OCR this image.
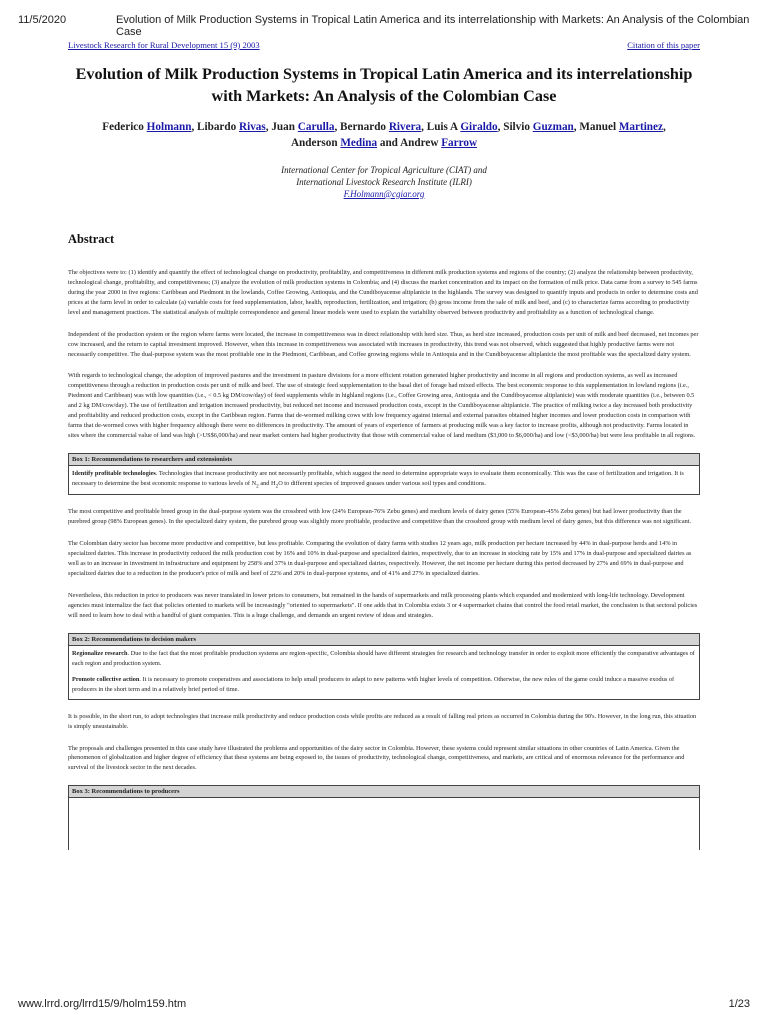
11/5/2020	Evolution of Milk Production Systems in Tropical Latin America and its interrelationship with Markets: An Analysis of the Colombian Case
Livestock Research for Rural Development 15 (9) 2003	Citation of this paper
Evolution of Milk Production Systems in Tropical Latin America and its interrelationship with Markets: An Analysis of the Colombian Case
Federico Holmann, Libardo Rivas, Juan Carulla, Bernardo Rivera, Luis A Giraldo, Silvio Guzman, Manuel Martinez, Anderson Medina and Andrew Farrow
International Center for Tropical Agriculture (CIAT) and
International Livestock Research Institute (ILRI)
F.Holmann@cgiar.org
Abstract

The objectives were to: (1) identify and quantify the effect of technological change on productivity, profitability, and competitiveness in different milk production systems and regions of the country; (2) analyze the relationship between productivity, technological change, profitability, and competitiveness; (3) analyze the evolution of milk production systems in Colombia; and (4) discuss the market concentration and its impact on the formation of milk price. Data came from a survey to 545 farms during the year 2000 in five regions: Caribbean and Piedmont in the lowlands, Coffee Growing, Antioquia, and the Cundiboyacense altiplanicie in the highlands. The survey was designed to quantify inputs and products in order to determine costs and prices at the farm level in order to calculate (a) variable costs for feed supplementation, labor, health, reproduction, fertilization, and irrigation; (b) gross income from the sale of milk and beef, and (c) to characterize farms according to productivity level and management practices. The statistical analysis of multiple correspondence and general linear models were used to explain the variability observed between productivity and profitability as a function of technological change.

Independent of the production system or the region where farms were located, the increase in competitiveness was in direct relationship with herd size. Thus, as herd size increased, production costs per unit of milk and beef decreased, net incomes per cow increased, and the return to capital investment improved. However, when this increase in competitiveness was associated with increases in productivity, this trend was not observed, which suggested that highly productive farms were not necessarily competitive. The dual-purpose system was the most profitable one in the Piedmont, Caribbean, and Coffee growing regions while in Antioquia and in the Cundiboyacense altiplanicie the most profitable was the specialized dairy system.

With regards to technological change, the adoption of improved pastures and the investment in pasture divisions for a more efficient rotation generated higher productivity and income in all regions and production systems, as well as increased competitiveness through a reduction in production costs per unit of milk and beef. The use of strategic feed supplementation to the basal diet of forage had mixed effects. The best economic response to this supplementation in lowland regions (i.e., Piedmont and Caribbean) was with low quantities (i.e., < 0.5 kg DM/cow/day) of feed supplements while in highland regions (i.e., Coffee Growing area, Antioquia and the Cundiboyacense altiplanicie) was with moderate quantities (i.e., between 0.5 and 2 kg DM/cow/day). The use of fertilization and irrigation increased productivity, but reduced net income and increased production costs, except in the Cundiboyacense altiplanicie. The practice of milking twice a day increased both productivity and profitability and reduced production costs, except in the Caribbean region. Farms that de-wormed milking cows with low frequency against internal and external parasites obtained higher incomes and lower production costs in comparison with farms that de-wormed cows with higher frequency although there were no differences in productivity. The amount of years of experience of farmers at producing milk was a key factor to increase profits, although not productivity. Farms located in sites where the commercial value of land was high (>US$6,000/ha) and near market centers had higher productivity that those with commercial value of land medium ($3,000 to $6,000/ha) and low (<$3,000/ha) but were less profitable in all regions.

Box 1: Recommendations to researchers and extensionists
Identify profitable technologies. Technologies that increase productivity are not necessarily profitable, which suggest the need to determine appropriate ways to evaluate them economically. This was the case of fertilization and irrigation. It is necessary to determine the best economic response to various levels of $N_2$ and $H_2O$ to different species of improved grasses under various soil types and conditions.

The most competitive and profitable breed group in the dual-purpose system was the crossbred with low (24% European-76% Zebu genes) and medium levels of dairy genes (55% European-45% Zebu genes) but had lower productivity than the purebred group (98% European genes). In the specialized dairy system, the purebred group was slightly more profitable, productive and competitive than the crossbred group with medium level of dairy genes, but this difference was not significant.

The Colombian dairy sector has become more productive and competitive, but less profitable. Comparing the evolution of dairy farms with studies 12 years ago, milk production per hectare increased by 44% in dual-purpose herds and 14% in specialized dairies. This increase in productivity reduced the milk production cost by 16% and 10% in dual-purpose and specialized dairies, respectively, due to an increase in stocking rate by 15% and 17% in dual-purpose and specialized dairies as well as to an increase in investment in infrastructure and equipment by 258% and 37% in dual-purpose and specialized dairies, respectively. However, the net income per hectare during this period decreased by 27% and 69% in dual-purpose and specialized dairies due to a reduction in the producer's price of milk and beef of 22% and 20% in dual-purpose systems, and of 41% and 27% in specialized dairies.

Nevertheless, this reduction in price to producers was never translated in lower prices to consumers, but remained in the hands of supermarkets and milk processing plants which expanded and modernized with long-life technology. Development agencies must internalize the fact that policies oriented to markets will be increasingly "oriented to supermarkets". If one adds that in Colombia exists 3 or 4 supermarket chains that control the food retail market, the conclusion is that sectoral policies will need to learn how to deal with a handful of giant companies. This is a huge challenge, and demands an urgent review of ideas and strategies.

Box 2: Recommendations to decision makers

Regionalize research. Due to the fact that the most profitable production systems are region-specific, Colombia should have different strategies for research and technology transfer in order to exploit more efficiently the comparative advantages of each region and production system.

Promote collective action. It is necessary to promote cooperatives and associations to help small producers to adapt to new patterns with higher levels of competition. Otherwise, the new rules of the game could induce a massive exodus of producers in the short term and in a relatively brief period of time.

It is possible, in the short run, to adopt technologies that increase milk productivity and reduce production costs while profits are reduced as a result of falling real prices as occurred in Colombia during the 90's. However, in the long run, this situation is simply unsustainable.

The proposals and challenges presented in this case study have illustrated the problems and opportunities of the dairy sector in Colombia. However, these systems could represent similar situations in other countries of Latin America. Given the phenomenon of globalization and higher degree of efficiency that these systems are being exposed to, the issues of productivity, technological change, competitiveness, and markets, are critical and of enormous relevance for the performance and survival of the livestock sector in the next decades.

Box 3: Recommendations to producers
www.lrrd.org/lrrd15/9/holm159.htm	1/23
